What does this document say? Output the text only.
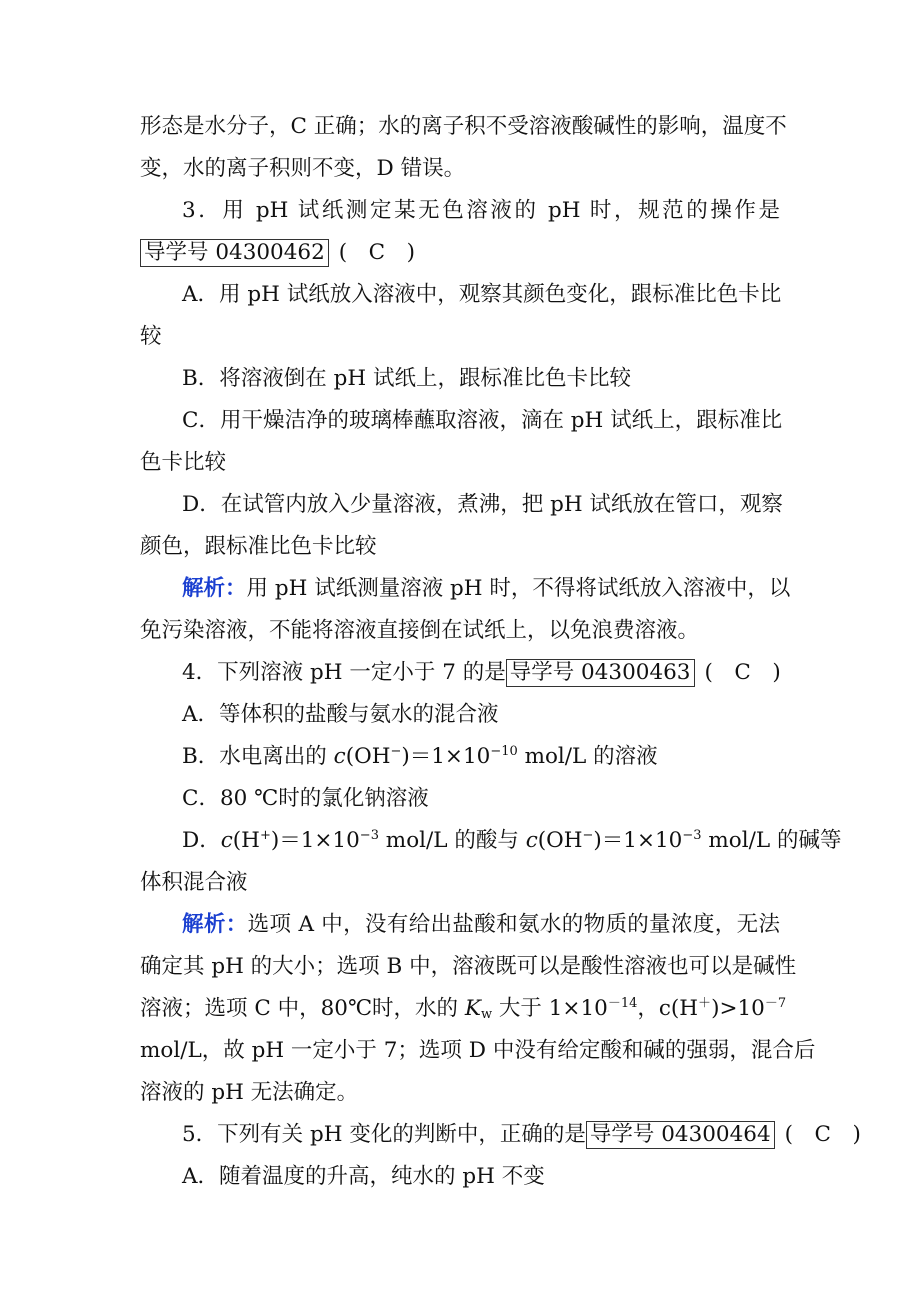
形态是水分子，C 正确；水的离子积不受溶液酸碱性的影响，温度不
变，水的离子积则不变，D 错误。
3．用 pH 试纸测定某无色溶液的 pH 时，规范的操作是
导学号 04300462 (　C　)
A．用 pH 试纸放入溶液中，观察其颜色变化，跟标准比色卡比
较
B．将溶液倒在 pH 试纸上，跟标准比色卡比较
C．用干燥洁净的玻璃棒蘸取溶液，滴在 pH 试纸上，跟标准比
色卡比较
D．在试管内放入少量溶液，煮沸，把 pH 试纸放在管口，观察
颜色，跟标准比色卡比较
解析：用 pH 试纸测量溶液 pH 时，不得将试纸放入溶液中，以
免污染溶液，不能将溶液直接倒在试纸上，以免浪费溶液。
4．下列溶液 pH 一定小于 7 的是 导学号 04300463 (　C　)
A．等体积的盐酸与氨水的混合液
B．水电离出的 $c(OH^-)=1\times 10^{-10}$ mol/L 的溶液
C．80 ℃时的氯化钠溶液
D．$c(H^+)=1\times 10^{-3}$ mol/L 的酸与 $c(OH^-)=1\times 10^{-3}$ mol/L 的碱等
体积混合液
解析：选项 A 中，没有给出盐酸和氨水的物质的量浓度，无法
确定其 pH 的大小；选项 B 中，溶液既可以是酸性溶液也可以是碱性
溶液；选项 C 中，80℃时，水的 $K_w$ 大于 $1\times 10^{-14}$，$c(H^+)>10^{-7}$
mol/L，故 pH 一定小于 7；选项 D 中没有给定酸和碱的强弱，混合后
溶液的 pH 无法确定。
5．下列有关 pH 变化的判断中，正确的是 导学号 04300464 (　C　)
A．随着温度的升高，纯水的 pH 不变
